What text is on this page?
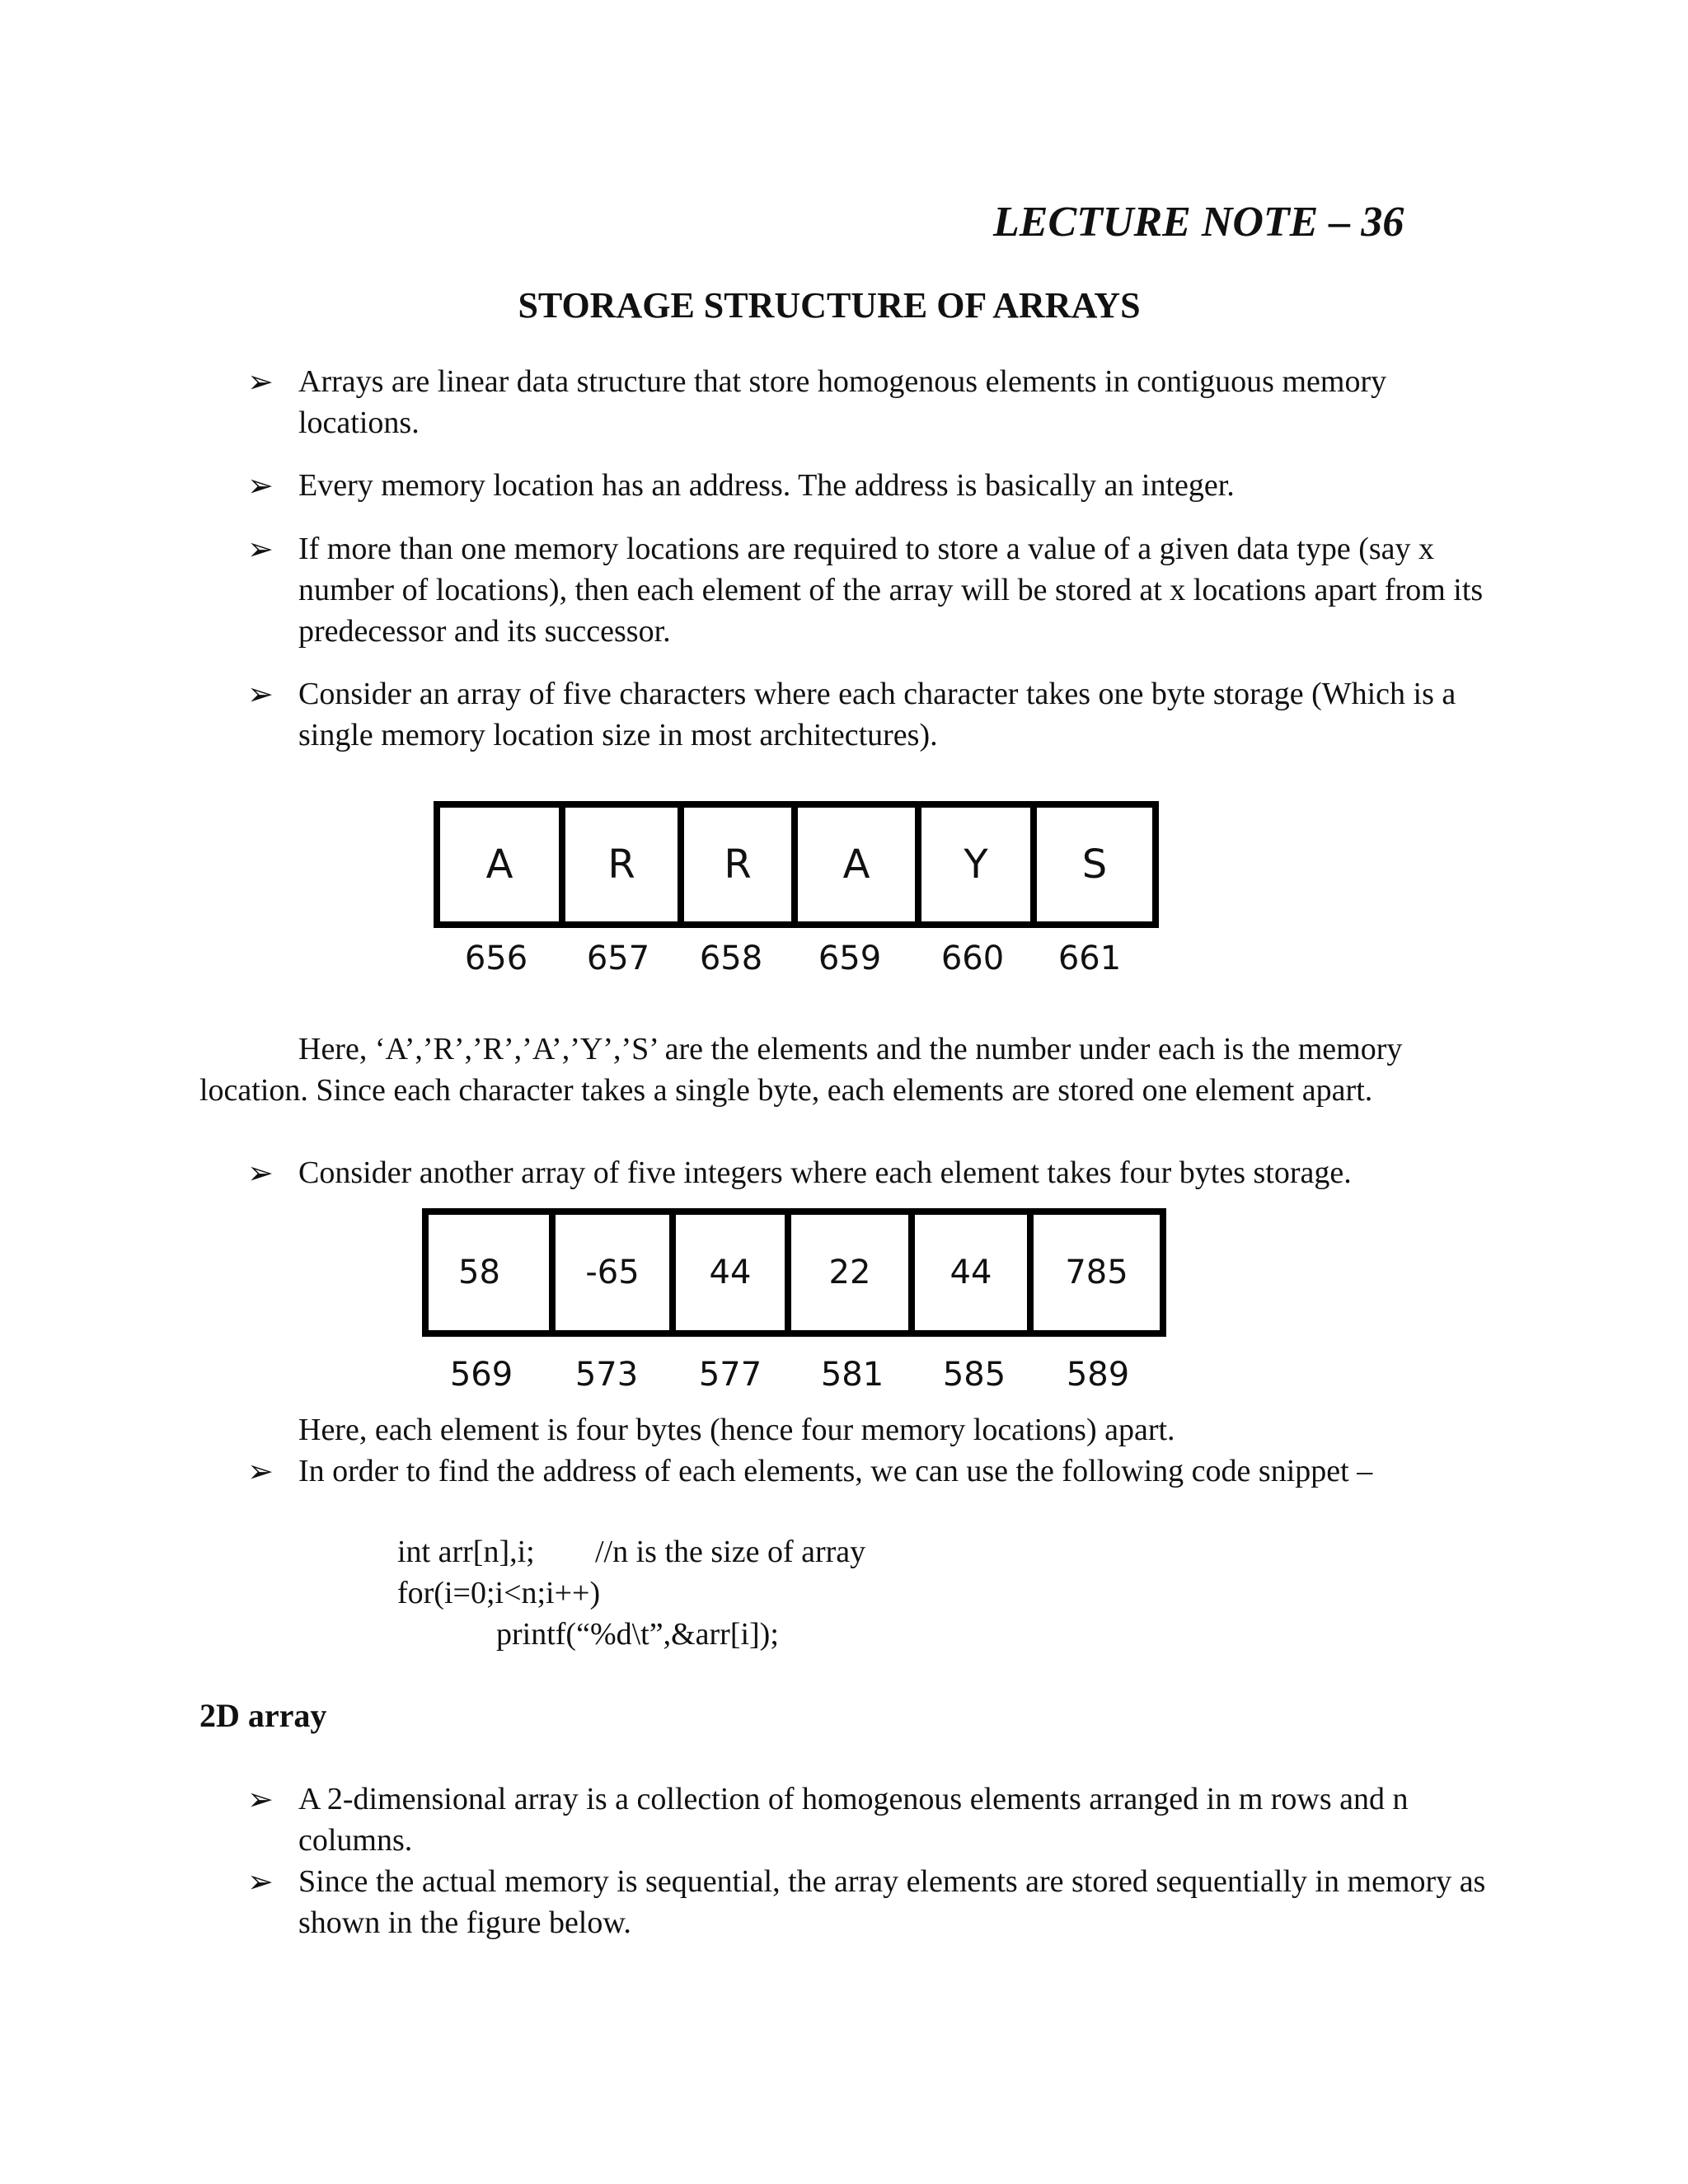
LECTURE NOTE – 36
STORAGE STRUCTURE OF ARRAYS
➢ Arrays are linear data structure that store homogenous elements in contiguous memory locations.
➢ Every memory location has an address. The address is basically an integer.
➢ If more than one memory locations are required to store a value of a given data type (say x number of locations), then each element of the array will be stored at x locations apart from its predecessor and its successor.
➢ Consider an array of five characters where each character takes one byte storage (Which is a single memory location size in most architectures).
A	R	R	A	Y	S
656	657	658	659	660	661
Here, ‘A’,’R’,’R’,’A’,’Y’,’S’ are the elements and the number under each is the memory location. Since each character takes a single byte, each elements are stored one element apart.
➢ Consider another array of five integers where each element takes four bytes storage.
58	-65	44	22	44	785
569	573	577	581	585	589
Here, each element is four bytes (hence four memory locations) apart.
➢ In order to find the address of each elements, we can use the following code snippet –
int arr[n],i; //n is the size of array
for(i=0;i<n;i++)
printf(“%d\t”,&arr[i]);
2D array
➢ A 2-dimensional array is a collection of homogenous elements arranged in m rows and n columns.
➢ Since the actual memory is sequential, the array elements are stored sequentially in memory as shown in the figure below.
